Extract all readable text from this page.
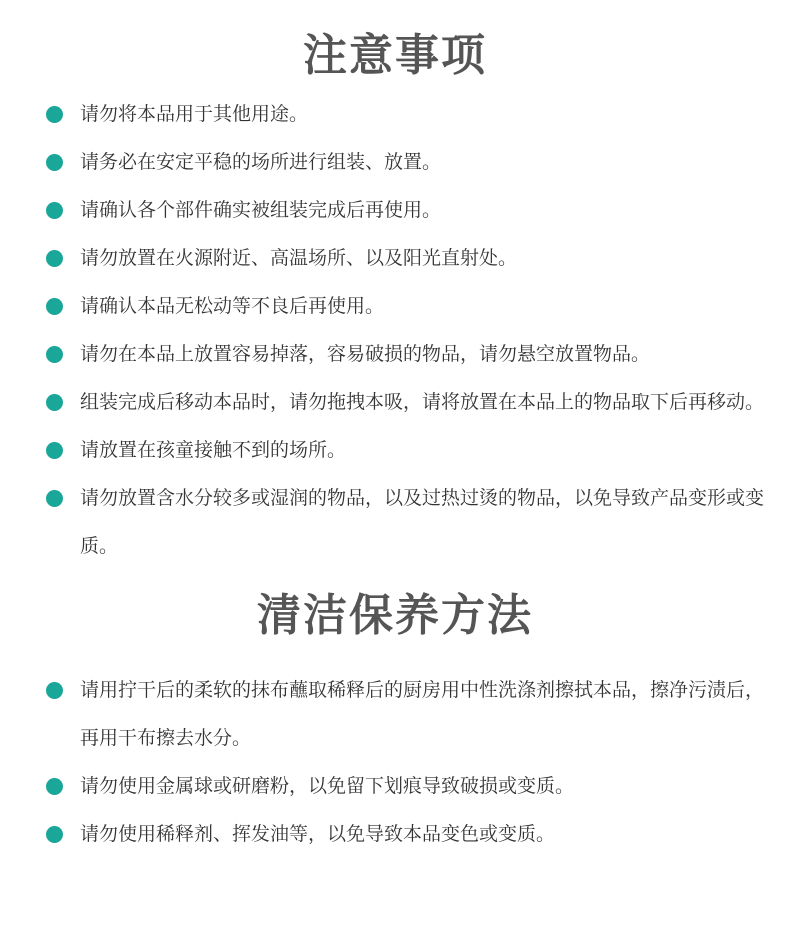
注意事项
请勿将本品用于其他用途。
请务必在安定平稳的场所进行组装、放置。
请确认各个部件确实被组装完成后再使用。
请勿放置在火源附近、高温场所、以及阳光直射处。
请确认本品无松动等不良后再使用。
请勿在本品上放置容易掉落，容易破损的物品，请勿悬空放置物品。
组装完成后移动本品时，请勿拖拽本吸，请将放置在本品上的物品取下后再移动。
请放置在孩童接触不到的场所。
请勿放置含水分较多或湿润的物品，以及过热过烫的物品，以免导致产品变形或变质。
清洁保养方法
请用拧干后的柔软的抹布蘸取稀释后的厨房用中性洗涤剂擦拭本品，擦净污渍后，再用干布擦去水分。
请勿使用金属球或研磨粉，以免留下划痕导致破损或变质。
请勿使用稀释剂、挥发油等，以免导致本品变色或变质。
